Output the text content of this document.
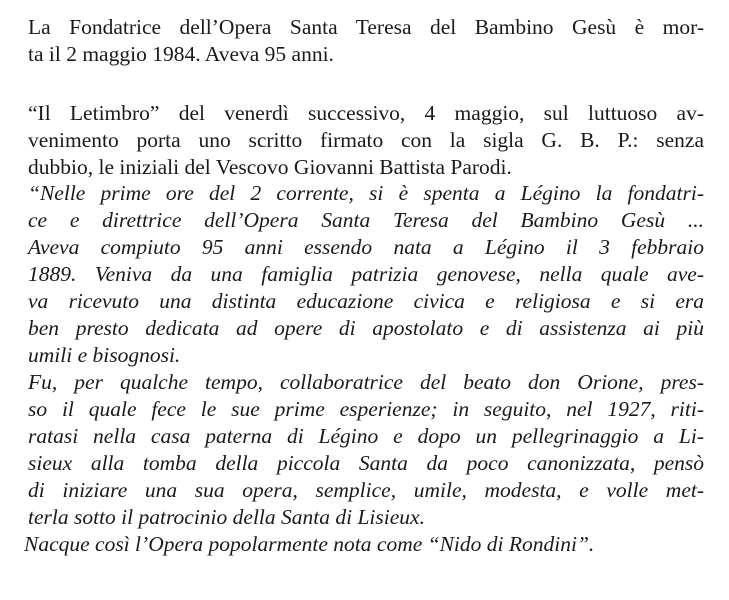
La Fondatrice dell’Opera Santa Teresa del Bambino Gesù è mor-
ta il 2 maggio 1984. Aveva 95 anni.
“Il Letimbro” del venerdì successivo, 4 maggio, sul luttuoso av-
venimento porta uno scritto firmato con la sigla G. B. P.: senza
dubbio, le iniziali del Vescovo Giovanni Battista Parodi.
“Nelle prime ore del 2 corrente, si è spenta a Légino la fondatri-
ce e direttrice dell’Opera Santa Teresa del Bambino Gesù ...
Aveva compiuto 95 anni essendo nata a Légino il 3 febbraio
1889. Veniva da una famiglia patrizia genovese, nella quale ave-
va ricevuto una distinta educazione civica e religiosa e si era
ben presto dedicata ad opere di apostolato e di assistenza ai più
umili e bisognosi.
Fu, per qualche tempo, collaboratrice del beato don Orione, pres-
so il quale fece le sue prime esperienze; in seguito, nel 1927, riti-
ratasi nella casa paterna di Légino e dopo un pellegrinaggio a Li-
sieux alla tomba della piccola Santa da poco canonizzata, pensò
di iniziare una sua opera, semplice, umile, modesta, e volle met-
terla sotto il patrocinio della Santa di Lisieux.
Nacque così l’Opera popolarmente nota come “Nido di Rondini”.
